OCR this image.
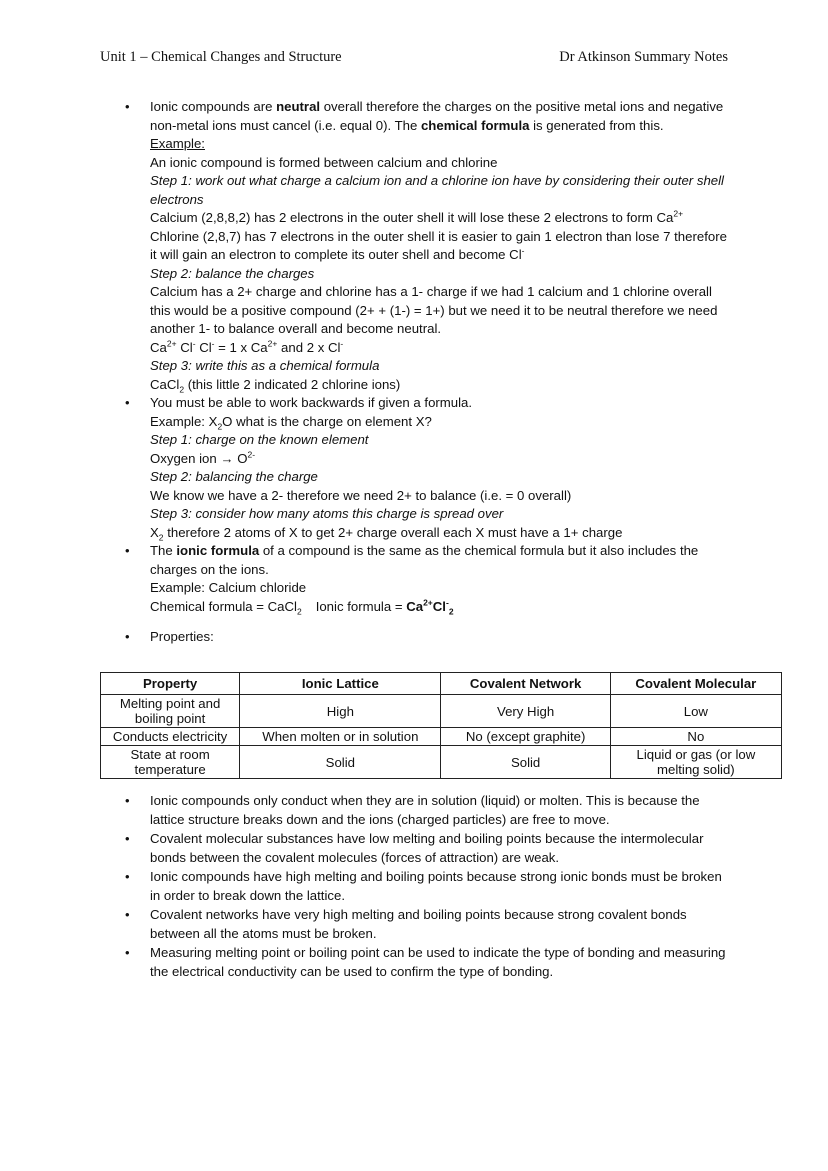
Unit 1 – Chemical Changes and Structure	Dr Atkinson Summary Notes
• Ionic compounds are neutral overall therefore the charges on the positive metal ions and negative non-metal ions must cancel (i.e. equal 0). The chemical formula is generated from this.
Example:
An ionic compound is formed between calcium and chlorine
Step 1: work out what charge a calcium ion and a chlorine ion have by considering their outer shell electrons
Calcium (2,8,8,2) has 2 electrons in the outer shell it will lose these 2 electrons to form $Ca^{2+}$
Chlorine (2,8,7) has 7 electrons in the outer shell it is easier to gain 1 electron than lose 7 therefore it will gain an electron to complete its outer shell and become Cl-
Step 2: balance the charges
Calcium has a 2+ charge and chlorine has a 1- charge if we had 1 calcium and 1 chlorine overall this would be a positive compound (2+ + (1-) = 1+) but we need it to be neutral therefore we need another 1- to balance overall and become neutral.
$Ca^{2+}$ Cl- Cl- = 1 x $Ca^{2+}$ and 2 x Cl-
Step 3: write this as a chemical formula
CaCl$_2$ (this little 2 indicated 2 chlorine ions)
• You must be able to work backwards if given a formula.
Example: $X_2O$ what is the charge on element X?
Step 1: charge on the known element
Oxygen ion → $O^{2-}$
Step 2: balancing the charge
We know we have a 2- therefore we need 2+ to balance (i.e. = 0 overall)
Step 3: consider how many atoms this charge is spread over
$X_2$ therefore 2 atoms of X to get 2+ charge overall each X must have a 1+ charge
• The ionic formula of a compound is the same as the chemical formula but it also includes the charges on the ions.
Example: Calcium chloride
Chemical formula = CaCl$_2$ Ionic formula = $Ca^{2+}Cl^-_2$
• Properties:
Property	Ionic Lattice	Covalent Network	Covalent Molecular
Melting point and boiling point	High	Very High	Low
Conducts electricity	When molten or in solution	No (except graphite)	No
State at room temperature	Solid	Solid	Liquid or gas (or low melting solid)
• Ionic compounds only conduct when they are in solution (liquid) or molten. This is because the lattice structure breaks down and the ions (charged particles) are free to move.
• Covalent molecular substances have low melting and boiling points because the intermolecular bonds between the covalent molecules (forces of attraction) are weak.
• Ionic compounds have high melting and boiling points because strong ionic bonds must be broken in order to break down the lattice.
• Covalent networks have very high melting and boiling points because strong covalent bonds between all the atoms must be broken.
• Measuring melting point or boiling point can be used to indicate the type of bonding and measuring the electrical conductivity can be used to confirm the type of bonding.
